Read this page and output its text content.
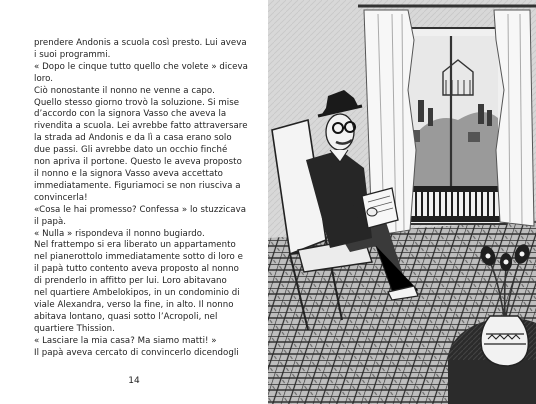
prendere Andonis a scuola così presto. Lui aveva
i suoi programmi.
« Dopo le cinque tutto quello che volete » diceva
loro.
Ciò nonostante il nonno ne venne a capo.
Quello stesso giorno trovò la soluzione. Si mise
d’accordo con la signora Vasso che aveva la
rivendita a scuola. Lei avrebbe fatto attraversare
la strada ad Andonis e da lì a casa erano solo
due passi. Gli avrebbe dato un occhio finché
non apriva il portone. Questo le aveva proposto
il nonno e la signora Vasso aveva accettato
immediatamente. Figuriamoci se non riusciva a
convincerla!
«Cosa le hai promesso? Confessa » lo stuzzicava
il papà.
« Nulla » rispondeva il nonno bugiardo.
Nel frattempo si era liberato un appartamento
nel pianerottolo immediatamente sotto di loro e
il papà tutto contento aveva proposto al nonno
di prenderlo in affitto per lui. Loro abitavano
nel quartiere Ambelokipos, in un condominio di
viale Alexandra, verso la fine, in alto. Il nonno
abitava lontano, quasi sotto l’Acropoli, nel
quartiere Thission.
« Lasciare la mia casa? Ma siamo matti! »
Il papà aveva cercato di convincerlo dicendogli
14
